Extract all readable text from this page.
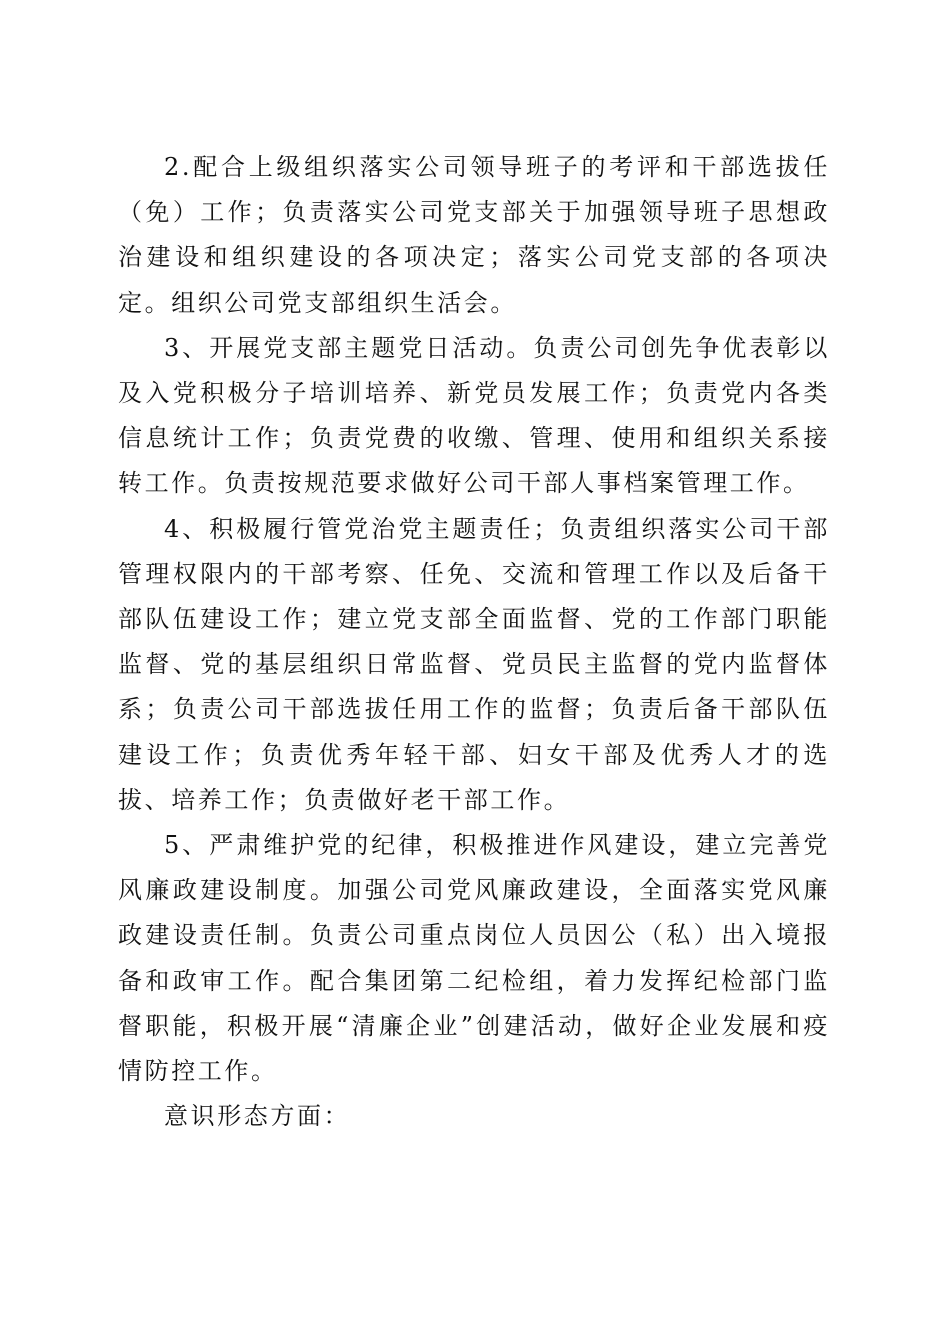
2.配合上级组织落实公司领导班子的考评和干部选拔任（免）工作；负责落实公司党支部关于加强领导班子思想政治建设和组织建设的各项决定；落实公司党支部的各项决定。组织公司党支部组织生活会。

3、开展党支部主题党日活动。负责公司创先争优表彰以及入党积极分子培训培养、新党员发展工作；负责党内各类信息统计工作；负责党费的收缴、管理、使用和组织关系接转工作。负责按规范要求做好公司干部人事档案管理工作。

4、积极履行管党治党主题责任；负责组织落实公司干部管理权限内的干部考察、任免、交流和管理工作以及后备干部队伍建设工作；建立党支部全面监督、党的工作部门职能监督、党的基层组织日常监督、党员民主监督的党内监督体系；负责公司干部选拔任用工作的监督；负责后备干部队伍建设工作；负责优秀年轻干部、妇女干部及优秀人才的选拔、培养工作；负责做好老干部工作。

5、严肃维护党的纪律，积极推进作风建设，建立完善党风廉政建设制度。加强公司党风廉政建设，全面落实党风廉政建设责任制。负责公司重点岗位人员因公（私）出入境报备和政审工作。配合集团第二纪检组，着力发挥纪检部门监督职能，积极开展“清廉企业”创建活动，做好企业发展和疫情防控工作。

意识形态方面：
